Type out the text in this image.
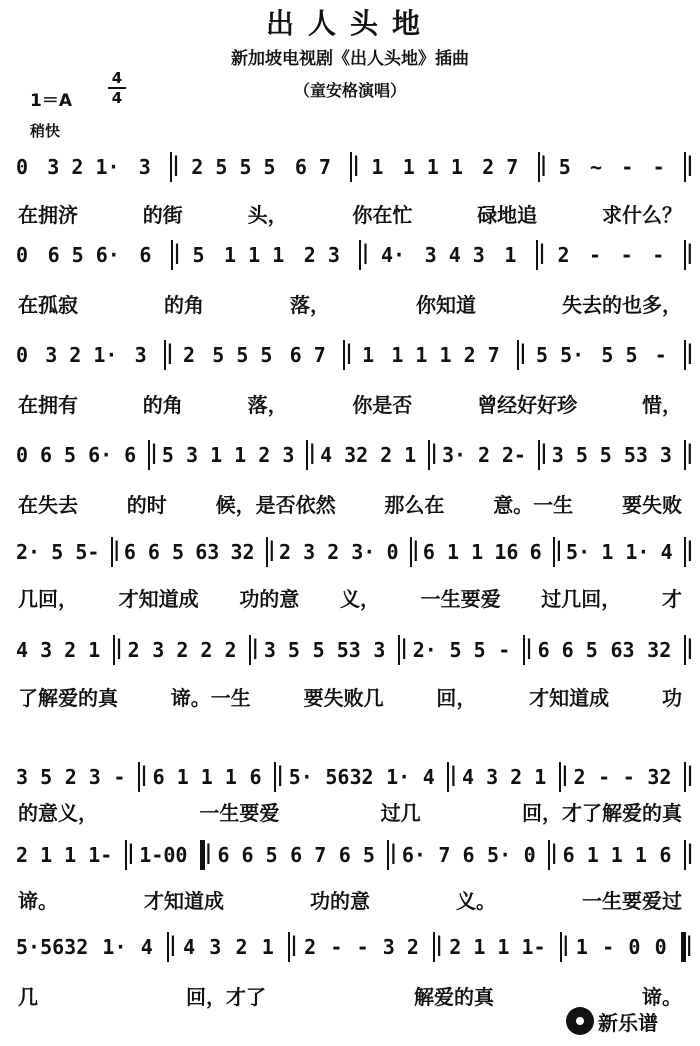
出人头地
新加坡电视剧《出人头地》插曲
（童安格演唱）
1＝A
4
4
稍快
0 3 2 1· 3 | 2 5 5 5 6 7 | 1 1 1 1 2 7 | 5 ~ - - |
在拥济	的街	头，	你在忙	碌地追	求什么？
0 6 5 6· 6 | 5 1 1 1 2 3 | 4· 3 4 3 1 | 2 - - - |
在孤寂	的角	落，	你知道	失去的也多，
0 3 2 1· 3 | 2 5 5 5 6 7 | 1 1 1 1 2 7 | 5 5· 5 5 - |
在拥有	的角	落，	你是否	曾经好好珍	惜，
0 6 5 6· 6 | 5 3 1 1 2 3 | 4 32 2 1 | 3· 2 2- | 3 5 5 53 3 |
在失去 的时 候，是否依然 那么在 意。一生 要失败
2· 5 5- | 6 6 5 63 32 | 2 3 2 3· 0 | 6 1 1 16 6 | 5· 1 1· 4 |
几回， 才知道成 功的意 义， 一生要爱 过几回， 才
4 3 2 1 | 2 3 2 2 2 | 3 5 5 53 3 | 2· 5 5 - | 6 6 5 63 32 |
了解爱的真	谛。一生	要失败几	回，	才知道成	功
3 5 2 3 - | 6 1 1 1 6 | 5· 5632 1· 4 | 4 3 2 1 | 2 - - 32 |
的意义，	一生要爱	过几	回，才了解爱的真
2 1 1 1- | 1-00 ‖ 6 6 5 6 7 6 5 | 6· 7 6 5· 0 | 6 1 1 1 6 |
谛。	才知道成	功的意	义。	一生要爱过
5·5632 1· 4 | 4 3 2 1 | 2 - - 3 2 | 2 1 1 1- | 1 - 0 0 ‖
几	回，才了	解爱的真	谛。
新乐谱
